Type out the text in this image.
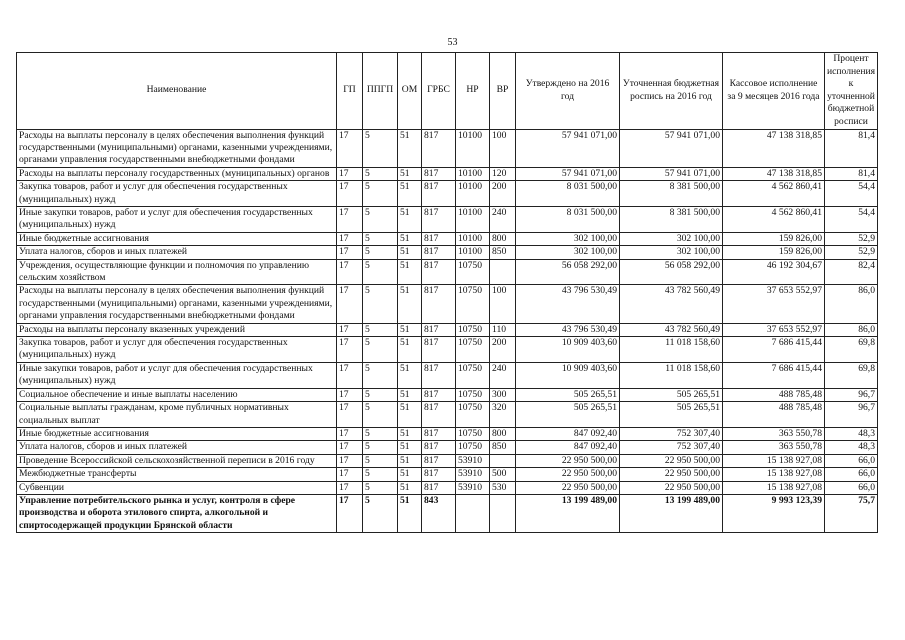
53
Наименование	ГП	ППГП	ОМ	ГРБС	НР	ВР	Утверждено на 2016 год	Уточненная бюджетная роспись на 2016 год	Кассовое исполнение за 9 месяцев 2016 года	Процент исполнения к уточненной бюджетной росписи
Расходы на выплаты персоналу в целях обеспечения выполнения функций государственными (муниципальными) органами, казенными учреждениями, органами управления государственными внебюджетными фондами	17	5	51	817	10100	100	57 941 071,00	57 941 071,00	47 138 318,85	81,4
Расходы на выплаты персоналу государственных (муниципальных) органов	17	5	51	817	10100	120	57 941 071,00	57 941 071,00	47 138 318,85	81,4
Закупка товаров, работ и услуг для обеспечения государственных (муниципальных) нужд	17	5	51	817	10100	200	8 031 500,00	8 381 500,00	4 562 860,41	54,4
Иные закупки товаров, работ и услуг для обеспечения государственных (муниципальных) нужд	17	5	51	817	10100	240	8 031 500,00	8 381 500,00	4 562 860,41	54,4
Иные бюджетные ассигнования	17	5	51	817	10100	800	302 100,00	302 100,00	159 826,00	52,9
Уплата налогов, сборов и иных платежей	17	5	51	817	10100	850	302 100,00	302 100,00	159 826,00	52,9
Учреждения, осуществляющие функции и полномочия по управлению сельским хозяйством	17	5	51	817	10750		56 058 292,00	56 058 292,00	46 192 304,67	82,4
Расходы на выплаты персоналу в целях обеспечения выполнения функций государственными (муниципальными) органами, казенными учреждениями, органами управления государственными внебюджетными фондами	17	5	51	817	10750	100	43 796 530,49	43 782 560,49	37 653 552,97	86,0
Расходы на выплаты персоналу вказенных учреждений	17	5	51	817	10750	110	43 796 530,49	43 782 560,49	37 653 552,97	86,0
Закупка товаров, работ и услуг для обеспечения государственных (муниципальных) нужд	17	5	51	817	10750	200	10 909 403,60	11 018 158,60	7 686 415,44	69,8
Иные закупки товаров, работ и услуг для обеспечения государственных (муниципальных) нужд	17	5	51	817	10750	240	10 909 403,60	11 018 158,60	7 686 415,44	69,8
Социальное обеспечение и иные выплаты населению	17	5	51	817	10750	300	505 265,51	505 265,51	488 785,48	96,7
Социальные выплаты гражданам, кроме публичных нормативных социальных выплат	17	5	51	817	10750	320	505 265,51	505 265,51	488 785,48	96,7
Иные бюджетные ассигнования	17	5	51	817	10750	800	847 092,40	752 307,40	363 550,78	48,3
Уплата налогов, сборов и иных платежей	17	5	51	817	10750	850	847 092,40	752 307,40	363 550,78	48,3
Проведение Всероссийской сельскохозяйственной переписи в 2016 году	17	5	51	817	53910		22 950 500,00	22 950 500,00	15 138 927,08	66,0
Межбюджетные трансферты	17	5	51	817	53910	500	22 950 500,00	22 950 500,00	15 138 927,08	66,0
Субвенции	17	5	51	817	53910	530	22 950 500,00	22 950 500,00	15 138 927,08	66,0
Управление потребительского рынка и услуг, контроля в сфере производства и оборота этилового спирта, алкогольной и спиртосодержащей продукции Брянской области	17	5	51	843			13 199 489,00	13 199 489,00	9 993 123,39	75,7
